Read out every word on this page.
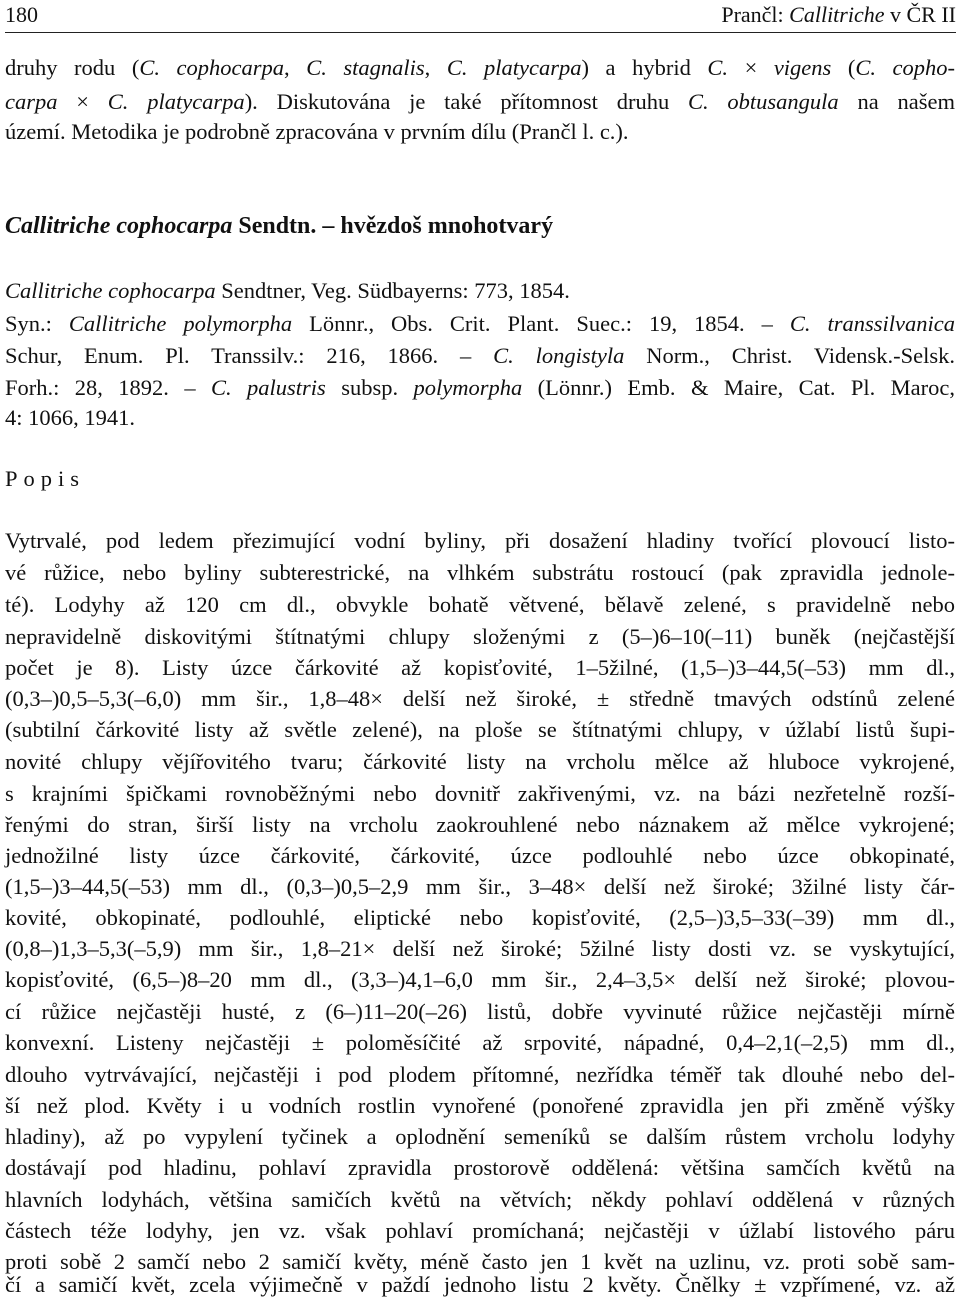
180	Prančl: Callitriche v ČR II
druhy rodu (C. cophocarpa, C. stagnalis, C. platycarpa) a hybrid C. × vigens (C. copho-
carpa × C. platycarpa). Diskutována je také přítomnost druhu C. obtusangula na našem
území. Metodika je podrobně zpracována v prvním dílu (Prančl l. c.).
Callitriche cophocarpa Sendtn. – hvězdoš mnohotvarý
Callitriche cophocarpa Sendtner, Veg. Südbayerns: 773, 1854.
Syn.: Callitriche polymorpha Lönnr., Obs. Crit. Plant. Suec.: 19, 1854. – C. transsilvanica
Schur, Enum. Pl. Transsilv.: 216, 1866. – C. longistyla Norm., Christ. Vidensk.-Selsk.
Forh.: 28, 1892. – C. palustris subsp. polymorpha (Lönnr.) Emb. & Maire, Cat. Pl. Maroc,
4: 1066, 1941.
Popis
Vytrvalé, pod ledem přezimující vodní byliny, při dosažení hladiny tvořící plovoucí listo-
vé růžice, nebo byliny subterestrické, na vlhkém substrátu rostoucí (pak zpravidla jednole-
té). Lodyhy až 120 cm dl., obvykle bohatě větvené, bělavě zelené, s pravidelně nebo
nepravidelně diskovitými štítnatými chlupy složenými z (5–)6–10(–11) buněk (nejčastější
počet je 8). Listy úzce čárkovité až kopisťovité, 1–5žilné, (1,5–)3–44,5(–53) mm dl.,
(0,3–)0,5–5,3(–6,0) mm šir., 1,8–48× delší než široké, ± středně tmavých odstínů zelené
(subtilní čárkovité listy až světle zelené), na ploše se štítnatými chlupy, v úžlabí listů šupi-
novité chlupy vějířovitého tvaru; čárkovité listy na vrcholu mělce až hluboce vykrojené,
s krajními špičkami rovnoběžnými nebo dovnitř zakřivenými, vz. na bázi nezřetelně rozší-
řenými do stran, širší listy na vrcholu zaokrouhlené nebo náznakem až mělce vykrojené;
jednožilné listy úzce čárkovité, čárkovité, úzce podlouhlé nebo úzce obkopinaté,
(1,5–)3–44,5(–53) mm dl., (0,3–)0,5–2,9 mm šir., 3–48× delší než široké; 3žilné listy čár-
kovité, obkopinaté, podlouhlé, eliptické nebo kopisťovité, (2,5–)3,5–33(–39) mm dl.,
(0,8–)1,3–5,3(–5,9) mm šir., 1,8–21× delší než široké; 5žilné listy dosti vz. se vyskytující,
kopisťovité, (6,5–)8–20 mm dl., (3,3–)4,1–6,0 mm šir., 2,4–3,5× delší než široké; plovou-
cí růžice nejčastěji husté, z (6–)11–20(–26) listů, dobře vyvinuté růžice nejčastěji mírně
konvexní. Listeny nejčastěji ± poloměsíčité až srpovité, nápadné, 0,4–2,1(–2,5) mm dl.,
dlouho vytrvávající, nejčastěji i pod plodem přítomné, nezřídka téměř tak dlouhé nebo del-
ší než plod. Květy i u vodních rostlin vynořené (ponořené zpravidla jen při změně výšky
hladiny), až po vypylení tyčinek a oplodnění semeníků se dalším růstem vrcholu lodyhy
dostávají pod hladinu, pohlaví zpravidla prostorově oddělená: většina samčích květů na
hlavních lodyhách, většina samičích květů na větvích; někdy pohlaví oddělená v různých
částech téže lodyhy, jen vz. však pohlaví promíchaná; nejčastěji v úžlabí listového páru
proti sobě 2 samčí nebo 2 samičí květy, méně často jen 1 květ na uzlinu, vz. proti sobě sam-
čí a samičí květ, zcela výjimečně v paždí jednoho listu 2 květy. Čnělky ± vzpřímené, vz. až
